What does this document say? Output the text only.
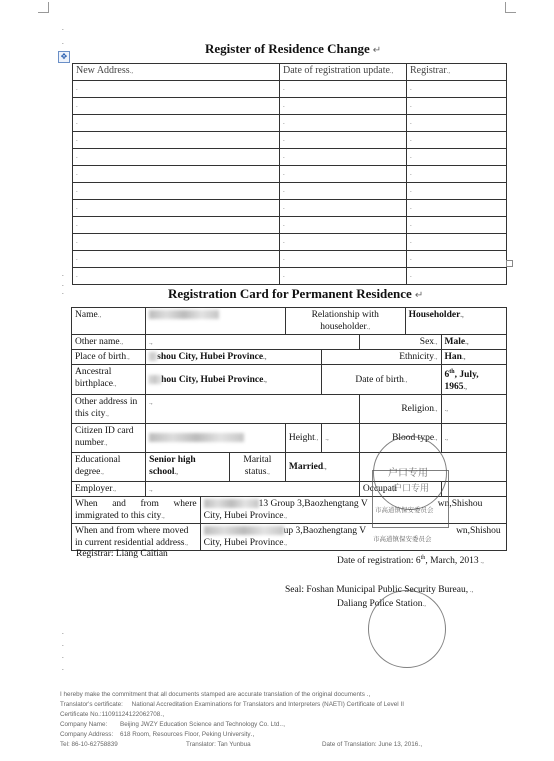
.
.
.
.
.
.
.
.
.
Register of Residence Change ↵
✥
New Address.,	Date of registration update.,	Registrar.,
.	.	.
.	.	.
.	.	.
.	.	.
.	.	.
.	.	.
.	.	.
.	.	.
.	.	.
.	.	.
.	.	.
.	.	.
Registration Card for Permanent Residence ↵
Name.,				Relationship with householder.,			Householder.,	
Other name.,	.,					Sex.,		Male.,
Place of birth.,	shou City, Hubei Province.,				Ethnicity.,			Han.,
Ancestral birthplace.,	hou City, Hubei Province.,				Date of birth.,			6th, July, 1965.,
Other address in this city.,	.,					Religion.,		.,
Citizen ID card number.,				Height.,	.,	Blood type.,		.,
Educational degree.,	Senior high school.,		Marital status.,	Married.,				
Employer.,	.,					Occupati		
When and from where immigrated to this city.,		13 Group 3,Baozhengtang V wn,Shishou
City, Hubei Province.,						
When and from where moved in current residential address.,		up 3,Baozhengtang V wn,Shishou
City, Hubei Province.,						
Registrar: Liang Caitian
Date of registration: 6th, March, 2013 .,
Seal: Foshan Municipal Public Security Bureau, .,
Daliang Police Station.,
户口专用
户口专用
市高道镇保安委员会
市高道镇保安委员会
I hereby make the commitment that all documents stamped are accurate translation of the original documents .,
Translator's certificate: National Accreditation Examinations for Translators and Interpreters (NAETI) Certificate of Level II
Certificate No.:11091124122062708.,
Company Name: Beijing JWZY Education Science and Technology Co. Ltd..,
Company Address: 618 Room, Resources Floor, Peking University.,
Tel: 86-10-62758839	Translator: Tan Yunbua	Date of Translation: June 13, 2016.,
